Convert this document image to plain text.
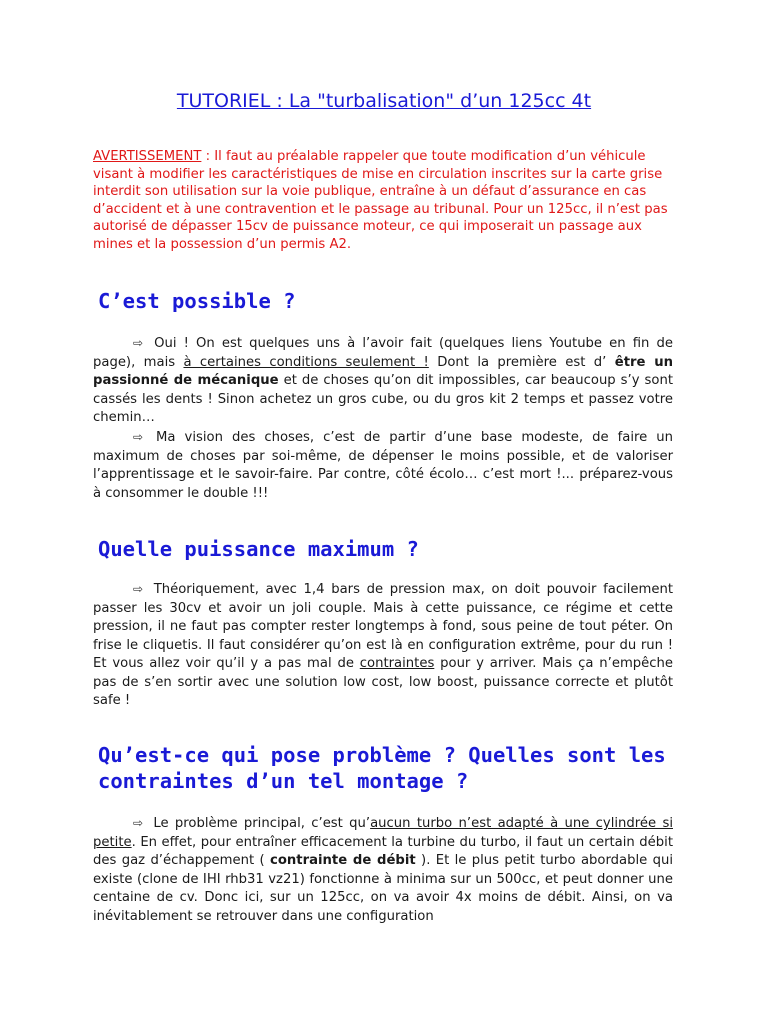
TUTORIEL : La "turbalisation" d’un 125cc 4t
AVERTISSEMENT : Il faut au préalable rappeler que toute modification d’un véhicule visant à modifier les caractéristiques de mise en circulation inscrites sur la carte grise interdit son utilisation sur la voie publique, entraîne à un défaut d’assurance en cas d’accident et à une contravention et le passage au tribunal. Pour un 125cc, il n’est pas autorisé de dépasser 15cv de puissance moteur, ce qui imposerait un passage aux mines et la possession d’un permis A2.
C’est possible ?

⇨ Oui ! On est quelques uns à l’avoir fait (quelques liens Youtube en fin de page), mais à certaines conditions seulement ! Dont la première est d’ être un passionné de mécanique et de choses qu’on dit impossibles, car beaucoup s’y sont cassés les dents ! Sinon achetez un gros cube, ou du gros kit 2 temps et passez votre chemin…

⇨ Ma vision des choses, c’est de partir d’une base modeste, de faire un maximum de choses par soi-même, de dépenser le moins possible, et de valoriser l’apprentissage et le savoir-faire. Par contre, côté écolo… c’est mort !... préparez-vous à consommer le double !!!

Quelle puissance maximum ?

⇨ Théoriquement, avec 1,4 bars de pression max, on doit pouvoir facilement passer les 30cv et avoir un joli couple. Mais à cette puissance, ce régime et cette pression, il ne faut pas compter rester longtemps à fond, sous peine de tout péter. On frise le cliquetis. Il faut considérer qu’on est là en configuration extrême, pour du run ! Et vous allez voir qu’il y a pas mal de contraintes pour y arriver. Mais ça n’empêche pas de s’en sortir avec une solution low cost, low boost, puissance correcte et plutôt safe !

Qu’est-ce qui pose problème ? Quelles sont les contraintes d’un tel montage ?

⇨ Le problème principal, c’est qu’aucun turbo n’est adapté à une cylindrée si petite. En effet, pour entraîner efficacement la turbine du turbo, il faut un certain débit des gaz d’échappement ( contrainte de débit ). Et le plus petit turbo abordable qui existe (clone de IHI rhb31 vz21) fonctionne à minima sur un 500cc, et peut donner une centaine de cv. Donc ici, sur un 125cc, on va avoir 4x moins de débit. Ainsi, on va inévitablement se retrouver dans une configuration
